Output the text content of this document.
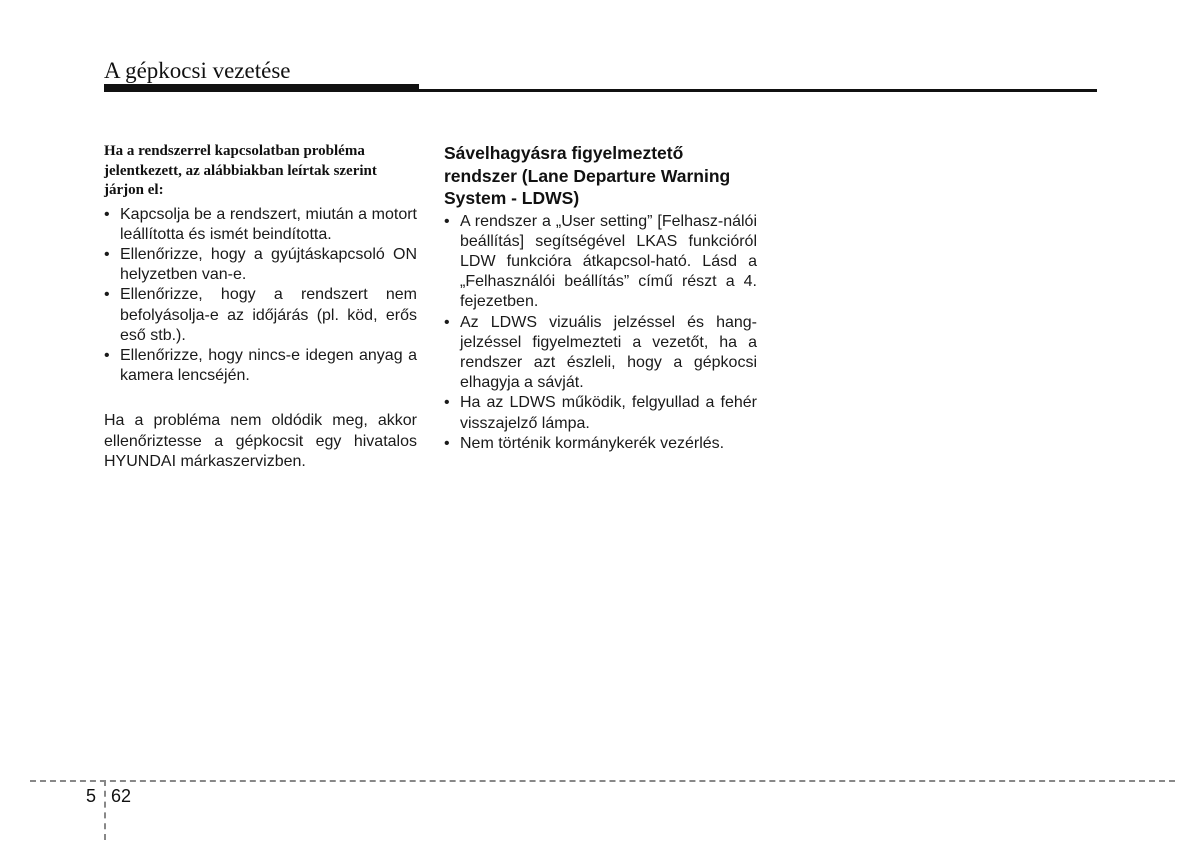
A gépkocsi vezetése
Ha a rendszerrel kapcsolatban probléma jelentkezett, az alábbiakban leírtak szerint járjon el:
• Kapcsolja be a rendszert, miután a motort leállította és ismét beindította.
• Ellenőrizze, hogy a gyújtáskapcsoló ON helyzetben van-e.
• Ellenőrizze, hogy a rendszert nem befolyásolja-e az időjárás (pl. köd, erős eső stb.).
• Ellenőrizze, hogy nincs-e idegen anyag a kamera lencséjén.
Ha a probléma nem oldódik meg, akkor ellenőriztesse a gépkocsit egy hivatalos HYUNDAI márkaszervizben.
Sávelhagyásra figyelmeztető rendszer (Lane Departure Warning System - LDWS)
• A rendszer a „User setting” [Felhasz-nálói beállítás] segítségével LKAS funkcióról LDW funkcióra átkapcsol-ható. Lásd a „Felhasználói beállítás” című részt a 4. fejezetben.
• Az LDWS vizuális jelzéssel és hang-jelzéssel figyelmezteti a vezetőt, ha a rendszer azt észleli, hogy a gépkocsi elhagyja a sávját.
• Ha az LDWS működik, felgyullad a fehér visszajelző lámpa.
• Nem történik kormánykerék vezérlés.
5 62
